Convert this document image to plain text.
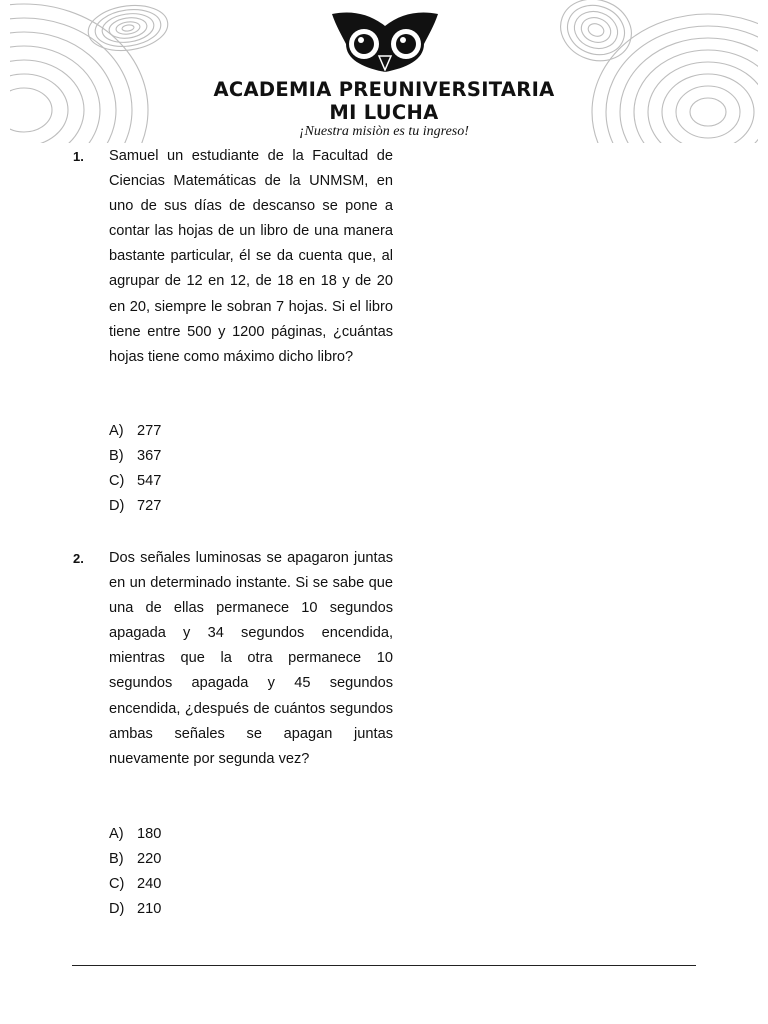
ACADEMIA PREUNIVERSITARIA
MI LUCHA
¡Nuestra misiòn es tu ingreso!
1. Samuel un estudiante de la Facultad de Ciencias Matemáticas de la UNMSM, en uno de sus días de descanso se pone a contar las hojas de un libro de una manera bastante particular, él se da cuenta que, al agrupar de 12 en 12, de 18 en 18 y de 20 en 20, siempre le sobran 7 hojas. Si el libro tiene entre 500 y 1200 páginas, ¿cuántas hojas tiene como máximo dicho libro?
A) 277
B) 367
C) 547
D) 727
2. Dos señales luminosas se apagaron juntas en un determinado instante. Si se sabe que una de ellas permanece 10 segundos apagada y 34 segundos encendida, mientras que la otra permanece 10 segundos apagada y 45 segundos encendida, ¿después de cuántos segundos ambas señales se apagan juntas nuevamente por segunda vez?
A) 180
B) 220
C) 240
D) 210
